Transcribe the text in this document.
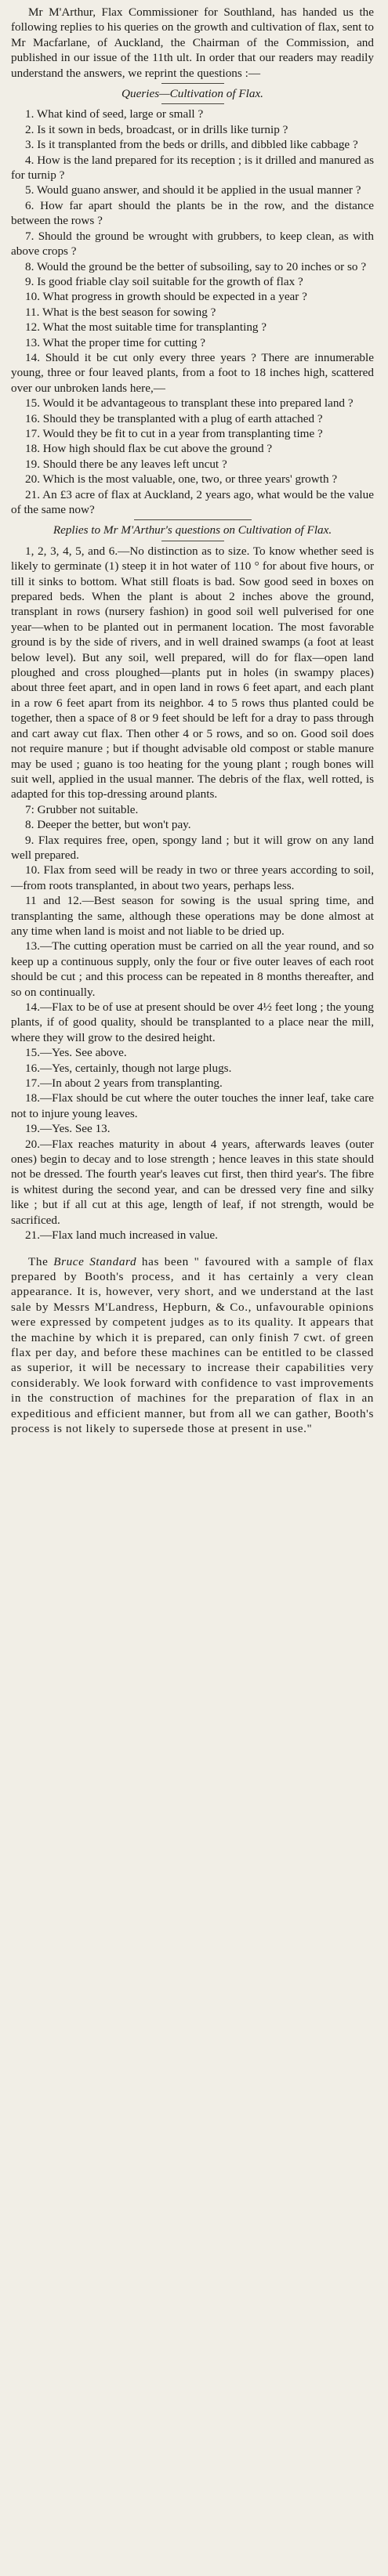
Mr M'Arthur, Flax Commissioner for Southland, has handed us the following replies to his queries on the growth and cultivation of flax, sent to Mr Macfarlane, of Auckland, the Chairman of the Commission, and published in our issue of the 11th ult. In order that our readers may readily understand the answers, we reprint the questions :—

Queries—Cultivation of Flax.

1. What kind of seed, large or small ?

2. Is it sown in beds, broadcast, or in drills like turnip ?

3. Is it transplanted from the beds or drills, and dibbled like cabbage ?

4. How is the land prepared for its reception ; is it drilled and manured as for turnip ?

5. Would guano answer, and should it be applied in the usual manner ?

6. How far apart should the plants be in the row, and the distance between the rows ?

7. Should the ground be wrought with grubbers, to keep clean, as with above crops ?

8. Would the ground be the better of subsoiling, say to 20 inches or so ?

9. Is good friable clay soil suitable for the growth of flax ?

10. What progress in growth should be expected in a year ?

11. What is the best season for sowing ?

12. What the most suitable time for transplanting ?

13. What the proper time for cutting ?

14. Should it be cut only every three years ? There are innumerable young, three or four leaved plants, from a foot to 18 inches high, scattered over our unbroken lands here,—

15. Would it be advantageous to transplant these into prepared land ?

16. Should they be transplanted with a plug of earth attached ?

17. Would they be fit to cut in a year from transplanting time ?

18. How high should flax be cut above the ground ?

19. Should there be any leaves left uncut ?

20. Which is the most valuable, one, two, or three years' growth ?

21. An £3 acre of flax at Auckland, 2 years ago, what would be the value of the same now?

Replies to Mr M'Arthur's questions on Cultivation of Flax.

1, 2, 3, 4, 5, and 6.—No distinction as to size. To know whether seed is likely to germinate (1) steep it in hot water of 110 ° for about five hours, or till it sinks to bottom. What still floats is bad. Sow good seed in boxes on prepared beds. When the plant is about 2 inches above the ground, transplant in rows (nursery fashion) in good soil well pulverised for one year—when to be planted out in permanent location. The most favorable ground is by the side of rivers, and in well drained swamps (a foot at least below level). But any soil, well prepared, will do for flax—open land ploughed and cross ploughed—plants put in holes (in swampy places) about three feet apart, and in open land in rows 6 feet apart, and each plant in a row 6 feet apart from its neighbor. 4 to 5 rows thus planted could be together, then a space of 8 or 9 feet should be left for a dray to pass through and cart away cut flax. Then other 4 or 5 rows, and so on. Good soil does not require manure ; but if thought advisable old compost or stable manure may be used ; guano is too heating for the young plant ; rough bones will suit well, applied in the usual manner. The debris of the flax, well rotted, is adapted for this top-dressing around plants.

7: Grubber not suitable.

8. Deeper the better, but won't pay.

9. Flax requires free, open, spongy land ; but it will grow on any land well prepared.

10. Flax from seed will be ready in two or three years according to soil,—from roots transplanted, in about two years, perhaps less.

11 and 12.—Best season for sowing is the usual spring time, and transplanting the same, although these operations may be done almost at any time when land is moist and not liable to be dried up.

13.—The cutting operation must be carried on all the year round, and so keep up a continuous supply, only the four or five outer leaves of each root should be cut ; and this process can be repeated in 8 months thereafter, and so on continually.

14.—Flax to be of use at present should be over 4½ feet long ; the young plants, if of good quality, should be transplanted to a place near the mill, where they will grow to the desired height.

15.—Yes. See above.

16.—Yes, certainly, though not large plugs.

17.—In about 2 years from transplanting.

18.—Flax should be cut where the outer touches the inner leaf, take care not to injure young leaves.

19.—Yes. See 13.

20.—Flax reaches maturity in about 4 years, afterwards leaves (outer ones) begin to decay and to lose strength ; hence leaves in this state should not be dressed. The fourth year's leaves cut first, then third year's. The fibre is whitest during the second year, and can be dressed very fine and silky like ; but if all cut at this age, length of leaf, if not strength, would be sacrificed.

21.—Flax land much increased in value.

The Bruce Standard has been " favoured with a sample of flax prepared by Booth's process, and it has certainly a very clean appearance. It is, however, very short, and we understand at the last sale by Messrs M'Landress, Hepburn, & Co., unfavourable opinions were expressed by competent judges as to its quality. It appears that the machine by which it is prepared, can only finish 7 cwt. of green flax per day, and before these machines can be entitled to be classed as superior, it will be necessary to increase their capabilities very considerably. We look forward with confidence to vast improvements in the construction of machines for the preparation of flax in an expeditious and efficient manner, but from all we can gather, Booth's process is not likely to supersede those at present in use."
